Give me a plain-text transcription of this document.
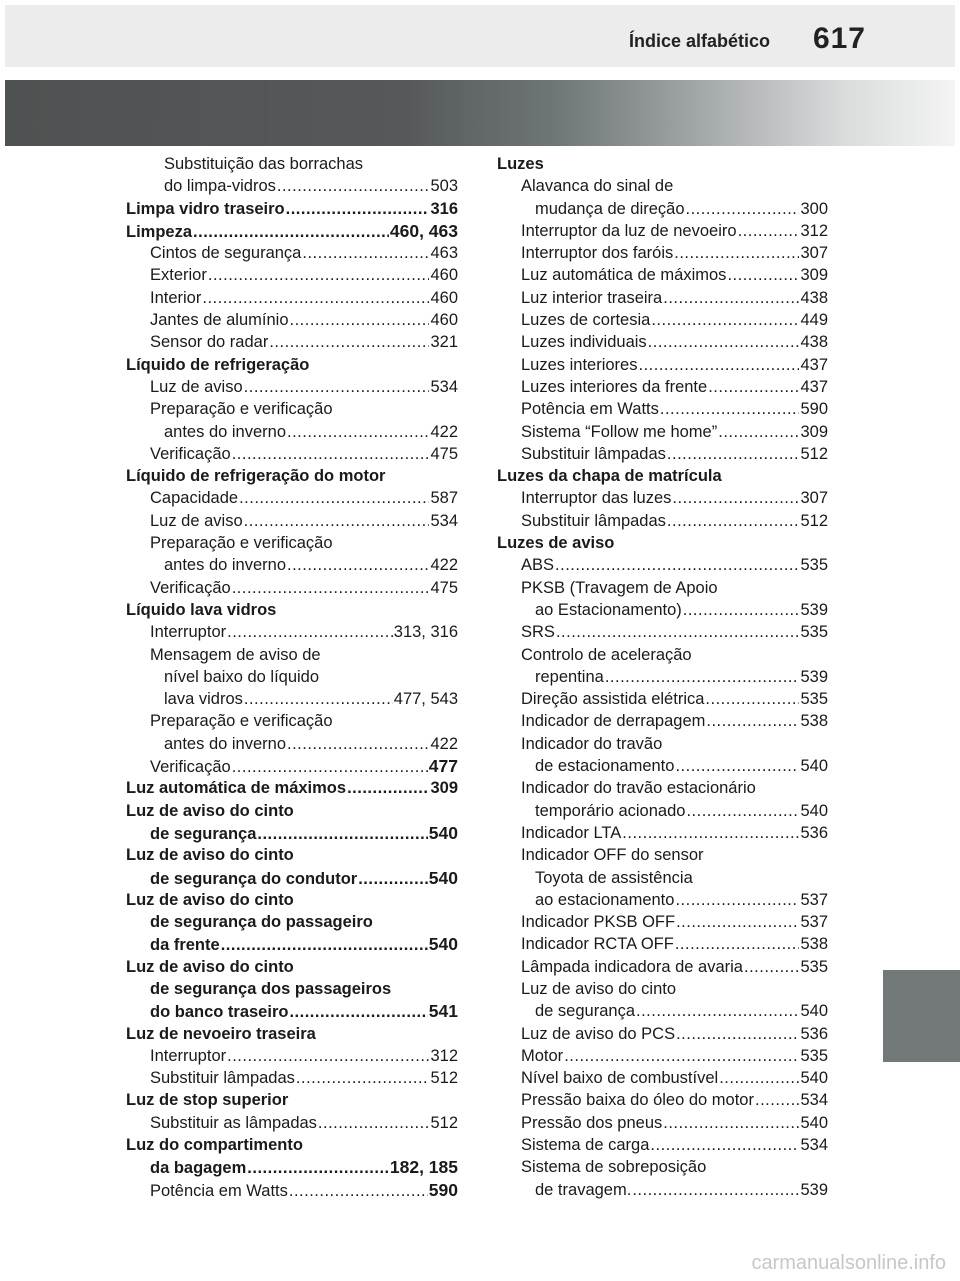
Índice alfabético 617
Substituição das borrachas
do limpa-vidros .....	503
Limpa vidro traseiro .....	316
Limpeza .....	460, 463
Cintos de segurança .....	463
Exterior .....	460
Interior .....	460
Jantes de alumínio .....	460
Sensor do radar .....	321
Líquido de refrigeração
Luz de aviso .....	534
Preparação e verificação
antes do inverno .....	422
Verificação .....	475
Líquido de refrigeração do motor
Capacidade .....	587
Luz de aviso .....	534
Preparação e verificação
antes do inverno .....	422
Verificação .....	475
Líquido lava vidros
Interruptor .....	313, 316
Mensagem de aviso de
nível baixo do líquido
lava vidros .....	477, 543
Preparação e verificação
antes do inverno .....	422
Verificação .....	477
Luz automática de máximos .....	309
Luz de aviso do cinto
de segurança .....	540
Luz de aviso do cinto
de segurança do condutor .....	540
Luz de aviso do cinto
de segurança do passageiro
da frente .....	540
Luz de aviso do cinto
de segurança dos passageiros
do banco traseiro .....	541
Luz de nevoeiro traseira
Interruptor .....	312
Substituir lâmpadas .....	512
Luz de stop superior
Substituir as lâmpadas .....	512
Luz do compartimento
da bagagem .....	182, 185
Potência em Watts .....	590
Luzes
Alavanca do sinal de
mudança de direção .....	300
Interruptor da luz de nevoeiro .....	312
Interruptor dos faróis .....	307
Luz automática de máximos .....	309
Luz interior traseira .....	438
Luzes de cortesia .....	449
Luzes individuais .....	438
Luzes interiores .....	437
Luzes interiores da frente .....	437
Potência em Watts .....	590
Sistema “Follow me home” .....	309
Substituir lâmpadas .....	512
Luzes da chapa de matrícula
Interruptor das luzes .....	307
Substituir lâmpadas .....	512
Luzes de aviso
ABS .....	535
PKSB (Travagem de Apoio
ao Estacionamento) .....	539
SRS .....	535
Controlo de aceleração
repentina .....	539
Direção assistida elétrica .....	535
Indicador de derrapagem .....	538
Indicador do travão
de estacionamento .....	540
Indicador do travão estacionário
temporário acionado .....	540
Indicador LTA .....	536
Indicador OFF do sensor
Toyota de assistência
ao estacionamento .....	537
Indicador PKSB OFF .....	537
Indicador RCTA OFF .....	538
Lâmpada indicadora de avaria .....	535
Luz de aviso do cinto
de segurança .....	540
Luz de aviso do PCS .....	536
Motor .....	535
Nível baixo de combustível .....	540
Pressão baixa do óleo do motor .....	534
Pressão dos pneus .....	540
Sistema de carga .....	534
Sistema de sobreposição
de travagem. .....	539
carmanualsonline.info
